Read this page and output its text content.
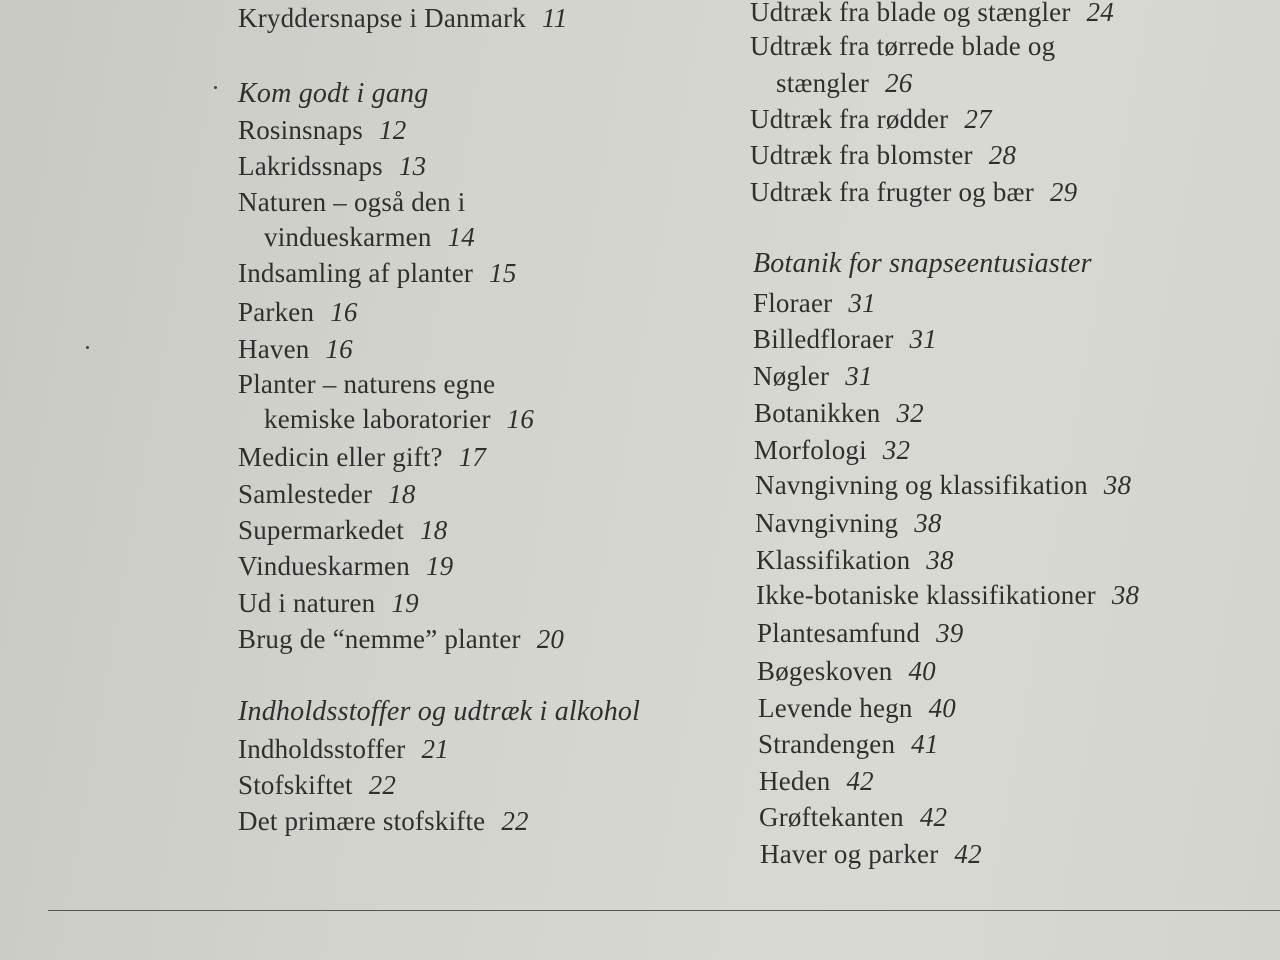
Kryddersnapse i Danmark 11
Kom godt i gang
Rosinsnaps 12
Lakridssnaps 13
Naturen – også den i
vindueskarmen 14
Indsamling af planter 15
Parken 16
Haven 16
Planter – naturens egne
kemiske laboratorier 16
Medicin eller gift? 17
Samlesteder 18
Supermarkedet 18
Vindueskarmen 19
Ud i naturen 19
Brug de “nemme” planter 20
Indholdsstoffer og udtræk i alkohol
Indholdsstoffer 21
Stofskiftet 22
Det primære stofskifte 22
Udtræk fra blade og stængler 24
Udtræk fra tørrede blade og
stængler 26
Udtræk fra rødder 27
Udtræk fra blomster 28
Udtræk fra frugter og bær 29
Botanik for snapseentusiaster
Floraer 31
Billedfloraer 31
Nøgler 31
Botanikken 32
Morfologi 32
Navngivning og klassifikation 38
Navngivning 38
Klassifikation 38
Ikke-botaniske klassifikationer 38
Plantesamfund 39
Bøgeskoven 40
Levende hegn 40
Strandengen 41
Heden 42
Grøftekanten 42
Haver og parker 42
